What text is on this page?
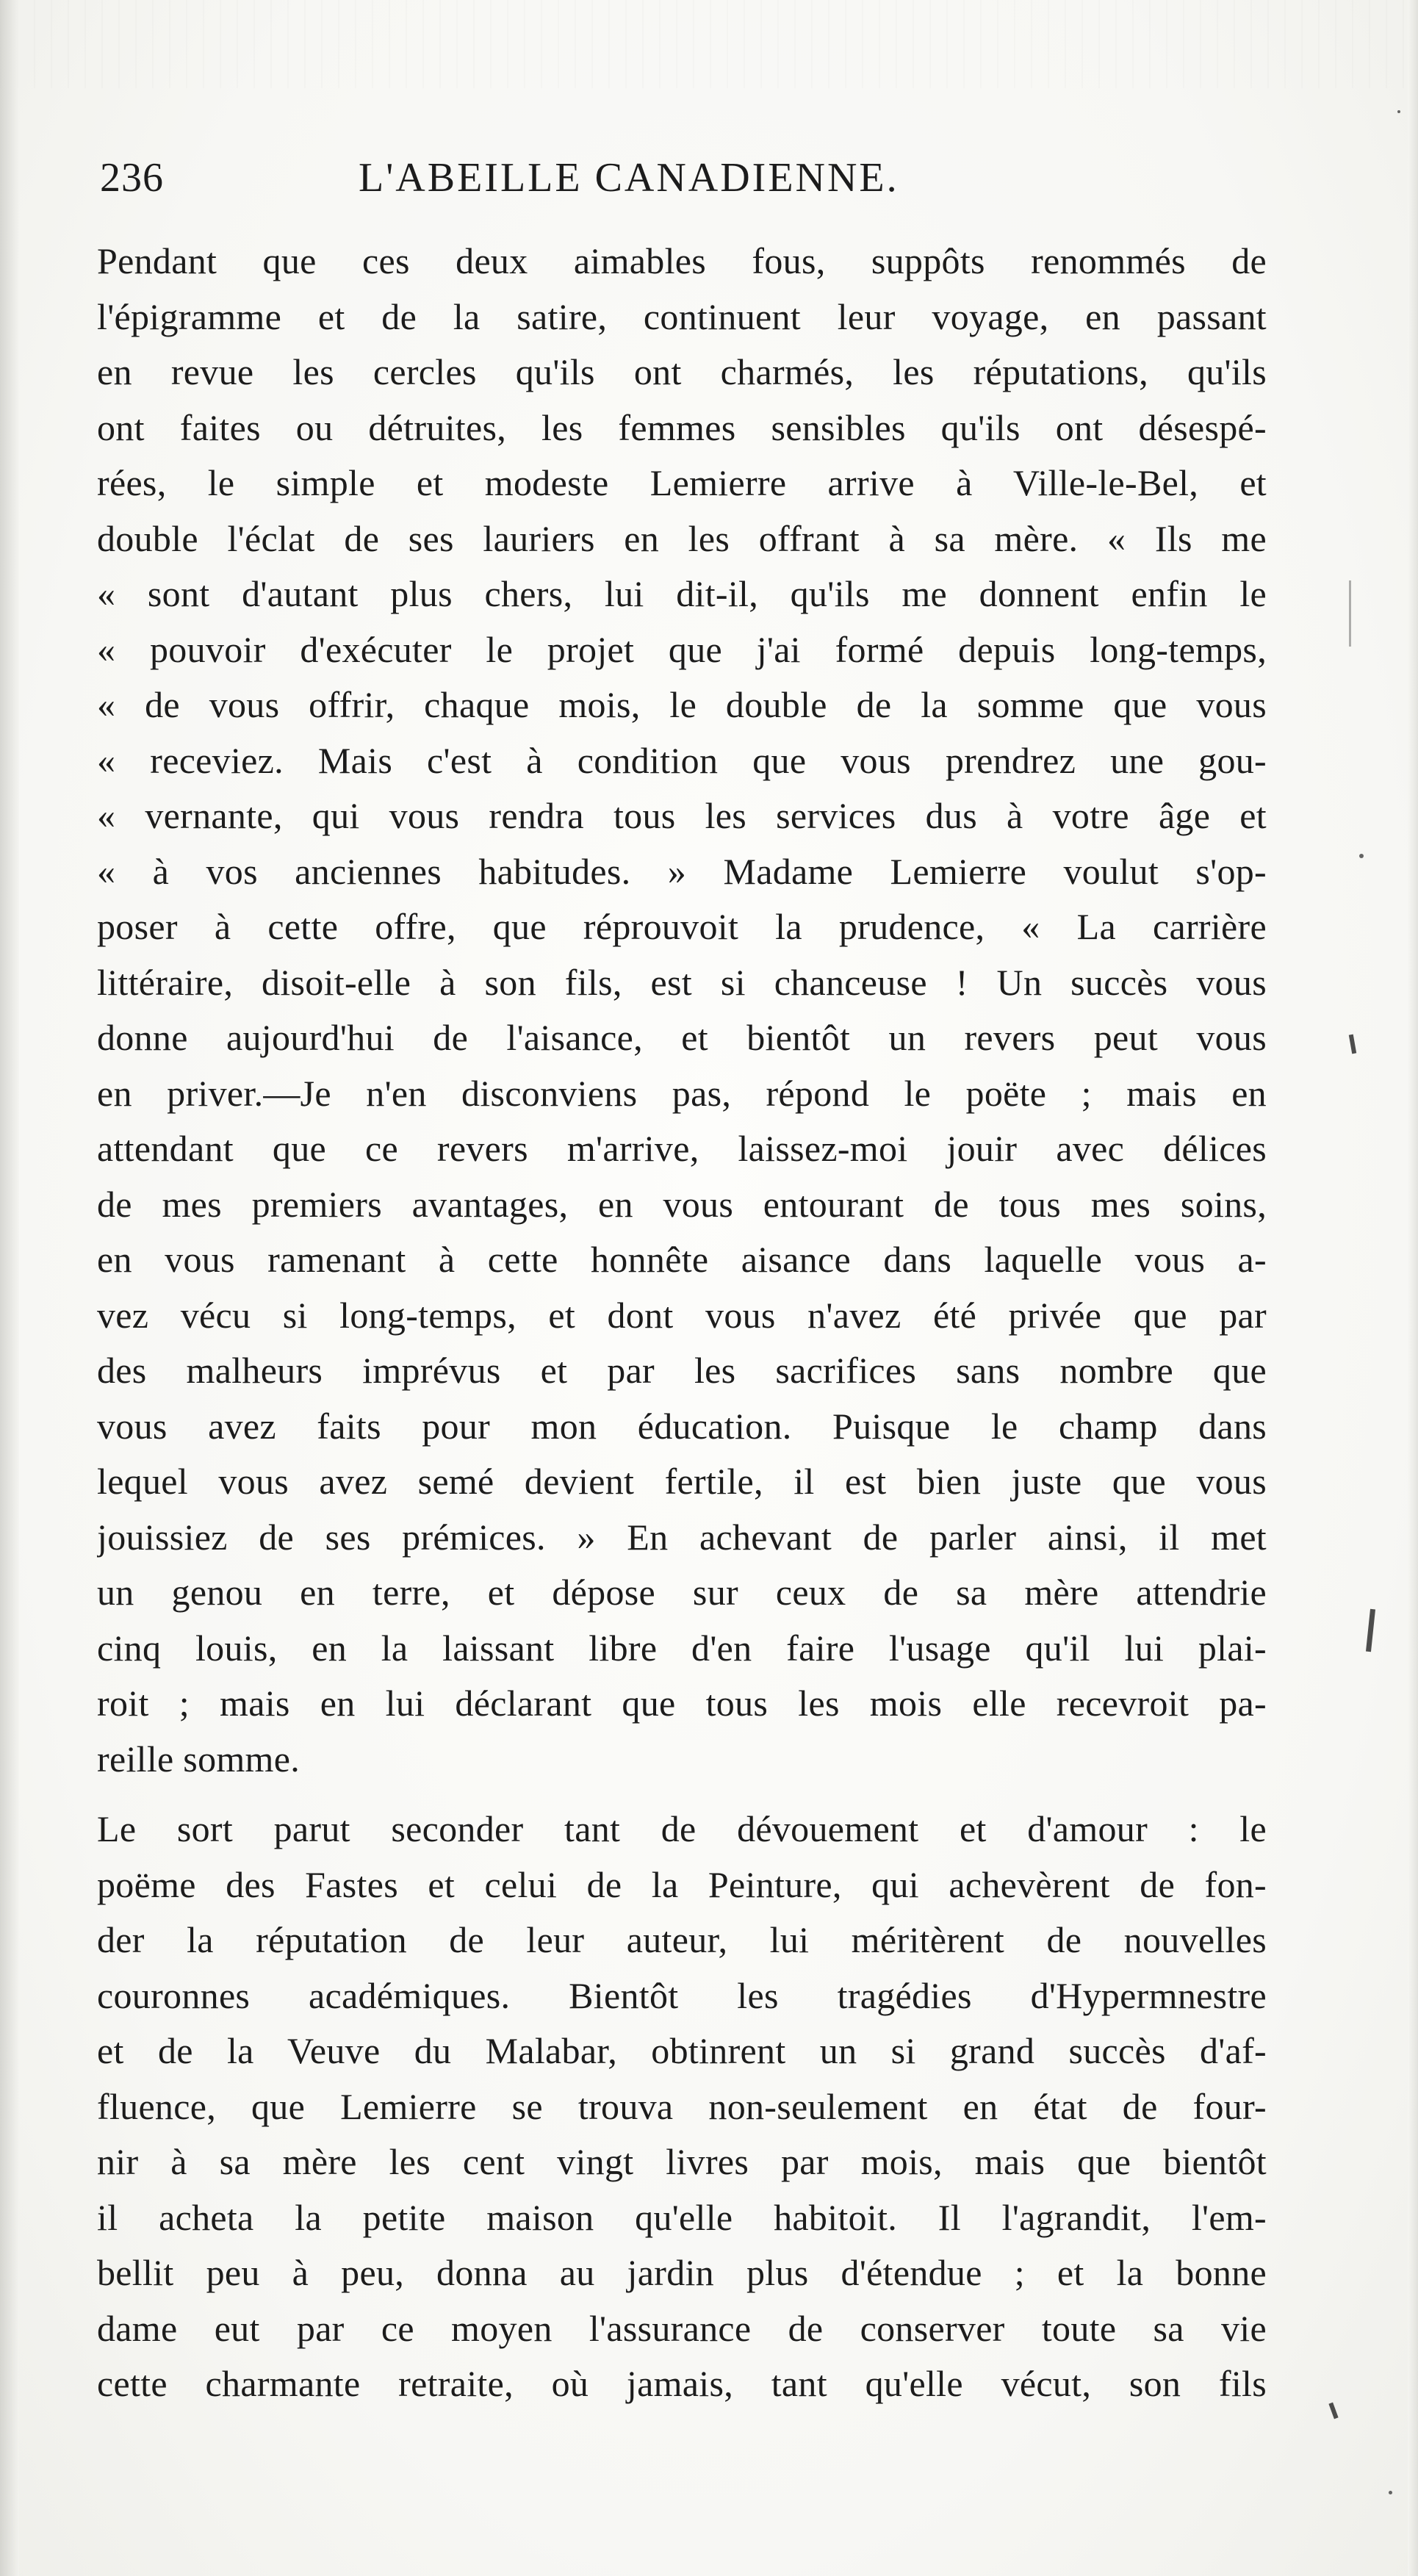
236	L'ABEILLE CANADIENNE.
Pendant que ces deux aimables fous, suppôts renommés de
l'épigramme et de la satire, continuent leur voyage, en passant
en revue les cercles qu'ils ont charmés, les réputations, qu'ils
ont faites ou détruites, les femmes sensibles qu'ils ont désespé-
rées, le simple et modeste Lemierre arrive à Ville-le-Bel, et
double l'éclat de ses lauriers en les offrant à sa mère. « Ils me
« sont d'autant plus chers, lui dit-il, qu'ils me donnent enfin le
« pouvoir d'exécuter le projet que j'ai formé depuis long-temps,
« de vous offrir, chaque mois, le double de la somme que vous
« receviez. Mais c'est à condition que vous prendrez une gou-
« vernante, qui vous rendra tous les services dus à votre âge et
« à vos anciennes habitudes. » Madame Lemierre voulut s'op-
poser à cette offre, que réprouvoit la prudence, « La carrière
littéraire, disoit-elle à son fils, est si chanceuse ! Un succès vous
donne aujourd'hui de l'aisance, et bientôt un revers peut vous
en priver.—Je n'en disconviens pas, répond le poëte ; mais en
attendant que ce revers m'arrive, laissez-moi jouir avec délices
de mes premiers avantages, en vous entourant de tous mes soins,
en vous ramenant à cette honnête aisance dans laquelle vous a-
vez vécu si long-temps, et dont vous n'avez été privée que par
des malheurs imprévus et par les sacrifices sans nombre que
vous avez faits pour mon éducation. Puisque le champ dans
lequel vous avez semé devient fertile, il est bien juste que vous
jouissiez de ses prémices. » En achevant de parler ainsi, il met
un genou en terre, et dépose sur ceux de sa mère attendrie
cinq louis, en la laissant libre d'en faire l'usage qu'il lui plai-
roit ; mais en lui déclarant que tous les mois elle recevroit pa-
reille somme.
Le sort parut seconder tant de dévouement et d'amour : le
poëme des Fastes et celui de la Peinture, qui achevèrent de fon-
der la réputation de leur auteur, lui méritèrent de nouvelles
couronnes académiques. Bientôt les tragédies d'Hypermnestre
et de la Veuve du Malabar, obtinrent un si grand succès d'af-
fluence, que Lemierre se trouva non-seulement en état de four-
nir à sa mère les cent vingt livres par mois, mais que bientôt
il acheta la petite maison qu'elle habitoit. Il l'agrandit, l'em-
bellit peu à peu, donna au jardin plus d'étendue ; et la bonne
dame eut par ce moyen l'assurance de conserver toute sa vie
cette charmante retraite, où jamais, tant qu'elle vécut, son fils
